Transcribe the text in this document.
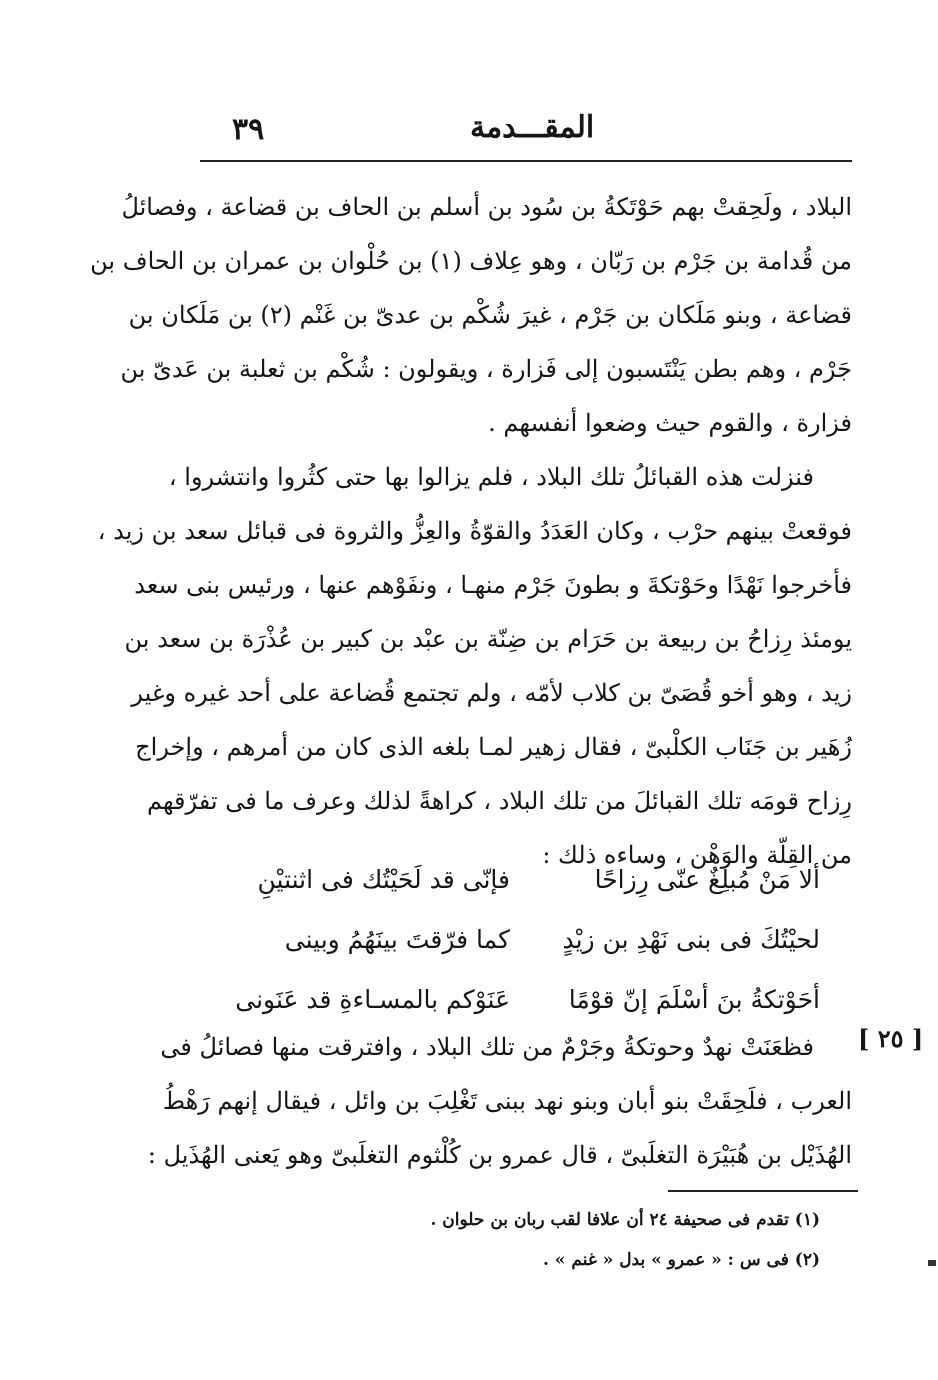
٣٩	المقـــدمة
البلاد ، ولَحِقتْ بهم حَوْتَكةُ بن سُود بن أسلم بن الحاف بن قضاعة ، وفصائلُ
من قُدامة بن جَرْم بن رَبّان ، وهو عِلاف (١) بن حُلْوان بن عمران بن الحاف بن
قضاعة ، وبنو مَلَكان بن جَرْم ، غيرَ شُكْم بن عدىّ بن غَنْم (٢) بن مَلَكان بن
جَرْم ، وهم بطن يَنْتَسبون إلى فَزارة ، ويقولون : شُكْم بن ثعلبة بن عَدىّ بن
فزارة ، والقوم حيث وضعوا أنفسهم .
فنزلت هذه القبائلُ تلك البلاد ، فلم يزالوا بها حتى كثُروا وانتشروا ،
فوقعتْ بينهم حرْب ، وكان العَدَدُ والقوّةُ والعِزُّ والثروة فى قبائل سعد بن زيد ،
فأخرجوا نَهْدًا وحَوْتكةَ و بطونَ جَرْم منهـا ، ونفَوْهم عنها ، ورئيس بنى سعد
يومئذ رِزاحُ بن ربيعة بن حَرَام بن ضِنّة بن عبْد بن كبير بن عُذْرَة بن سعد بن
زيد ، وهو أخو قُصَىّ بن كلاب لأمّه ، ولم تجتمع قُضاعة على أحد غيره وغير
زُهَير بن جَنَاب الكلْبىّ ، فقال زهير لمـا بلغه الذى كان من أمرهم ، وإخراج
رِزاح قومَه تلك القبائلَ من تلك البلاد ، كراهةً لذلك وعرف ما فى تفرّقهم
من القِلّة والوَهْن ، وساءه ذلك :
ألا مَنْ مُبلِغٌ عنّى رِزاحًا
فإنّى قد لَحَيْتُك فى اثنتيْنِ
لحيْتُكَ فى بنى نَهْدِ بن زيْدٍ
كما فرّقتَ بينَهُمُ وبينى
أحَوْتكةُ بنَ أسْلَمَ إنّ قوْمًا
عَنَوْكم بالمسـاءةِ قد عَنَونى
فظعَنَتْ نهدٌ وحوتكةُ وجَرْمٌ من تلك البلاد ، وافترقت منها فصائلُ فى
العرب ، فلَحِقَتْ بنو أبان وبنو نهد ببنى تَغْلِبَ بن وائل ، فيقال إنهم رَهْطُ
الهُذَيْل بن هُبَيْرَة التغلَبىّ ، قال عمرو بن كُلْثوم التغلَبىّ وهو يَعنى الهُذَيل :
[ ٢٥ ]
(١) تقدم فى صحيفة ٢٤ أن علافا لقب ربان بن حلوان .
(٢) فى س : « عمرو » بدل « غنم » .
